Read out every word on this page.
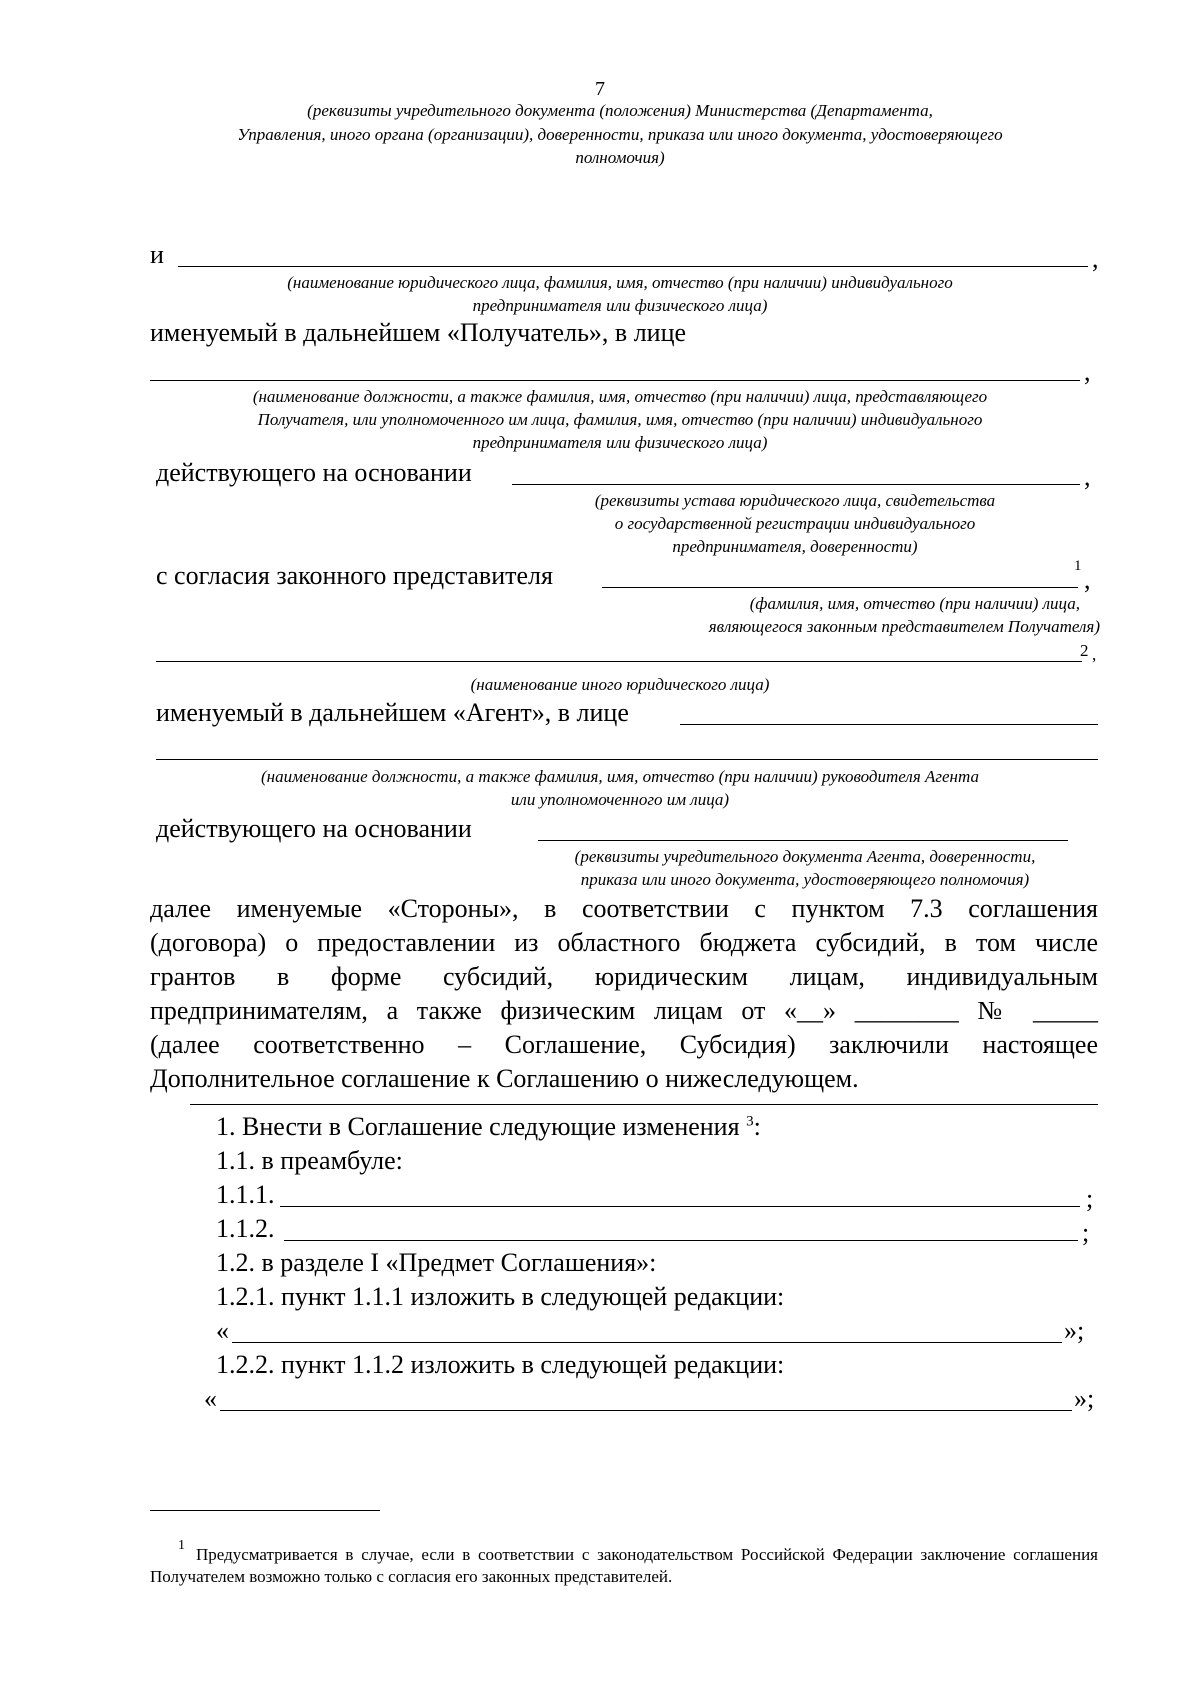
7
(реквизиты учредительного документа (положения) Министерства (Департамента,
Управления, иного органа (организации), доверенности, приказа или иного документа, удостоверяющего
полномочия)
и	,
(наименование юридического лица, фамилия, имя, отчество (при наличии) индивидуального
предпринимателя или физического лица)
именуемый в дальнейшем «Получатель», в лице
,
(наименование должности, а также фамилия, имя, отчество (при наличии) лица, представляющего
Получателя, или уполномоченного им лица, фамилия, имя, отчество (при наличии) индивидуального
предпринимателя или физического лица)
действующего на основании	,
(реквизиты устава юридического лица, свидетельства
о государственной регистрации индивидуального
предпринимателя, доверенности)
с согласия законного представителя	1 ,
(фамилия, имя, отчество (при наличии) лица,
являющегося законным представителем Получателя)
2 ,
(наименование иного юридического лица)
именуемый в дальнейшем «Агент», в лице
(наименование должности, а также фамилия, имя, отчество (при наличии) руководителя Агента
или уполномоченного им лица)
действующего на основании
(реквизиты учредительного документа Агента, доверенности,
приказа или иного документа, удостоверяющего полномочия)
далее именуемые «Стороны», в соответствии с пунктом 7.3 соглашения
(договора) о предоставлении из областного бюджета субсидий, в том числе
грантов в форме субсидий, юридическим лицам, индивидуальным
предпринимателям, а также физическим лицам от «__» ________ № _____
(далее соответственно – Соглашение, Субсидия) заключили настоящее
Дополнительное соглашение к Соглашению о нижеследующем.
1. Внести в Соглашение следующие изменения $^3$:
1.1. в преамбуле:
1.1.1.	;
1.1.2.	;
1.2. в разделе I «Предмет Соглашения»:
1.2.1. пункт 1.1.1 изложить в следующей редакции:
«	»;
1.2.2. пункт 1.1.2 изложить в следующей редакции:
«	»;
1 Предусматривается в случае, если в соответствии с законодательством Российской Федерации заключение соглашения Получателем возможно только с согласия его законных представителей.
